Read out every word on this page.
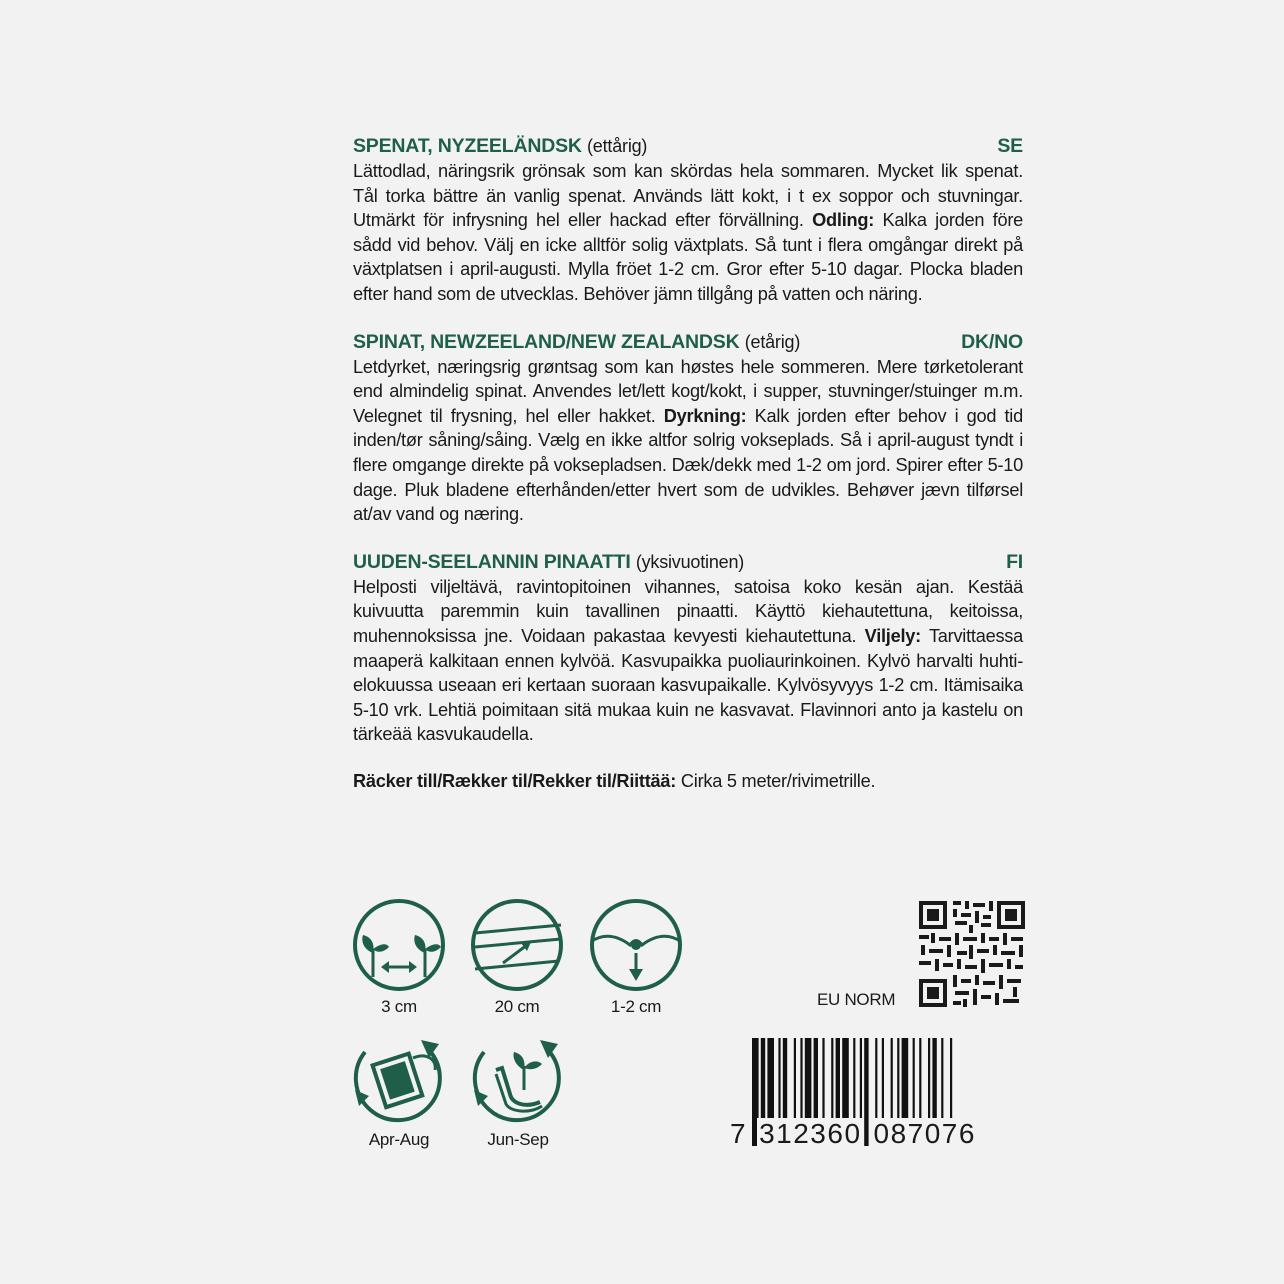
SPENAT, NYZEELÄNDSK (ettårig)	SE
Lättodlad, näringsrik grönsak som kan skördas hela sommaren. Mycket lik spenat. Tål torka bättre än vanlig spenat. Används lätt kokt, i t ex soppor och stuvningar. Utmärkt för infrysning hel eller hackad efter förvällning. Odling: Kalka jorden före sådd vid behov. Välj en icke alltför solig växtplats. Så tunt i flera omgångar direkt på växtplatsen i april-augusti. Mylla fröet 1-2 cm. Gror efter 5-10 dagar. Plocka bladen efter hand som de utvecklas. Behöver jämn tillgång på vatten och näring.
SPINAT, NEWZEELAND/NEW ZEALANDSK (etårig)	DK/NO
Letdyrket, næringsrig grøntsag som kan høstes hele sommeren. Mere tørketolerant end almindelig spinat. Anvendes let/lett kogt/kokt, i supper, stuvninger/stuinger m.m. Velegnet til frysning, hel eller hakket. Dyrkning: Kalk jorden efter behov i god tid inden/tør såning/såing. Vælg en ikke altfor solrig vokseplads. Så i april-august tyndt i flere omgange direkte på voksepladsen. Dæk/dekk med 1-2 om jord. Spirer efter 5-10 dage. Pluk bladene efterhånden/etter hvert som de udvikles. Behøver jævn tilførsel at/av vand og næring.
UUDEN-SEELANNIN PINAATTI (yksivuotinen)	FI
Helposti viljeltävä, ravintopitoinen vihannes, satoisa koko kesän ajan. Kestää kuivuutta paremmin kuin tavallinen pinaatti. Käyttö kiehautettuna, keitoissa, muhennoksissa jne. Voidaan pakastaa kevyesti kiehautettuna. Viljely: Tarvittaessa maaperä kalkitaan ennen kylvöä. Kasvupaikka puoliaurinkoinen. Kylvö harvalti huhti-elokuussa useaan eri kertaan suoraan kasvupaikalle. Kylvösyvyys 1-2 cm. Itämisaika 5-10 vrk. Lehtiä poimitaan sitä mukaa kuin ne kasvavat. Flavinnori anto ja kastelu on tärkeää kasvukaudella.
Räcker till/Rækker til/Rekker til/Riittää: Cirka 5 meter/rivimetrille.
3 cm	20 cm	1-2 cm
Apr-Aug	Jun-Sep
EU NORM
7 312360 087076
